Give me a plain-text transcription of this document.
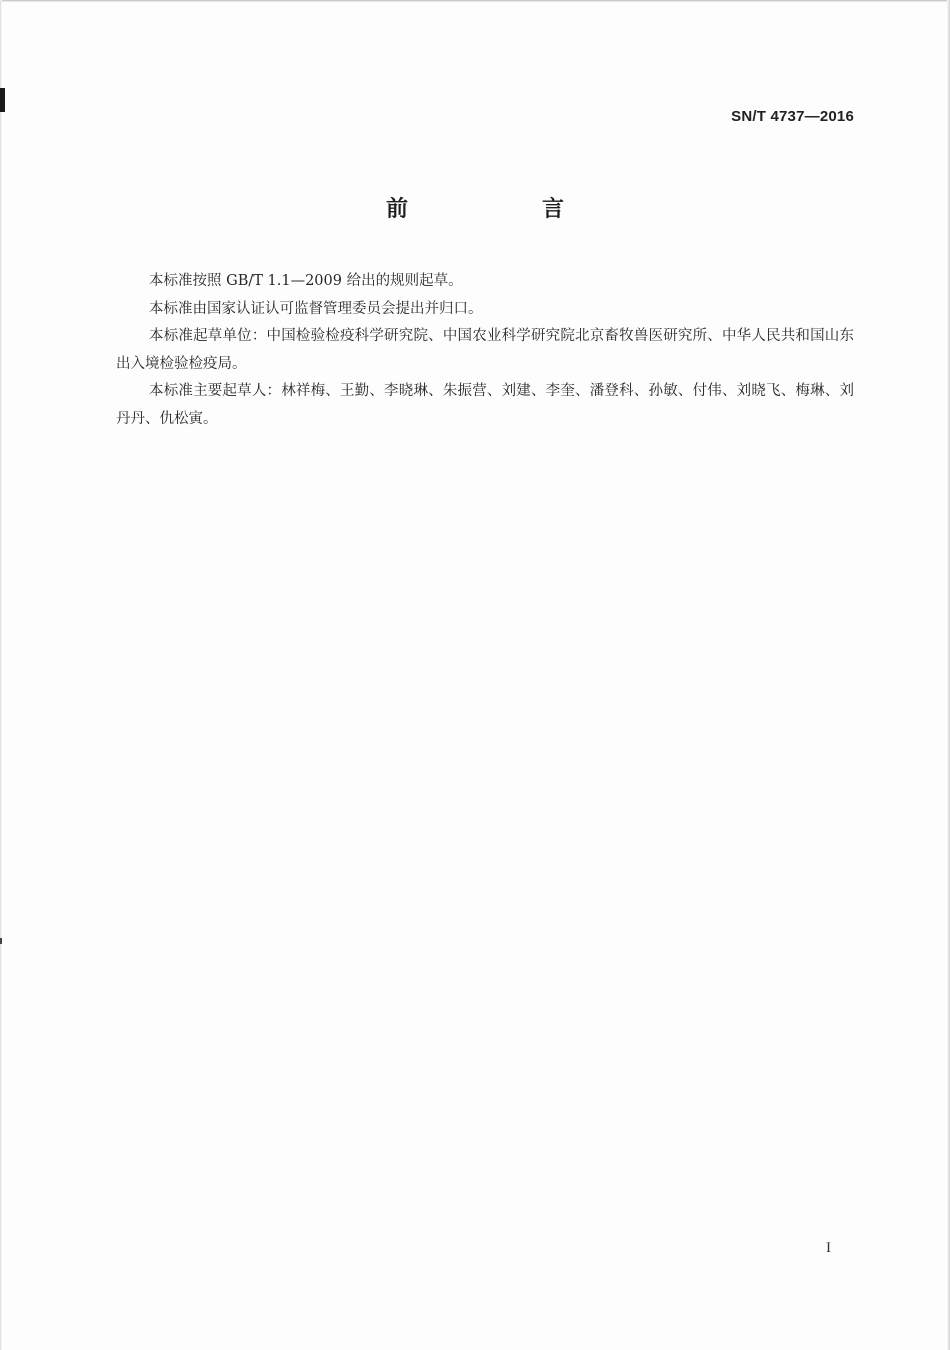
SN/T 4737—2016
前　言

本标准按照 GB/T 1.1—2009 给出的规则起草。

本标准由国家认证认可监督管理委员会提出并归口。

本标准起草单位：中国检验检疫科学研究院、中国农业科学研究院北京畜牧兽医研究所、中华人民共和国山东出入境检验检疫局。

本标准主要起草人：林祥梅、王勤、李晓琳、朱振营、刘建、李奎、潘登科、孙敏、付伟、刘晓飞、梅琳、刘丹丹、仇松寅。

I
